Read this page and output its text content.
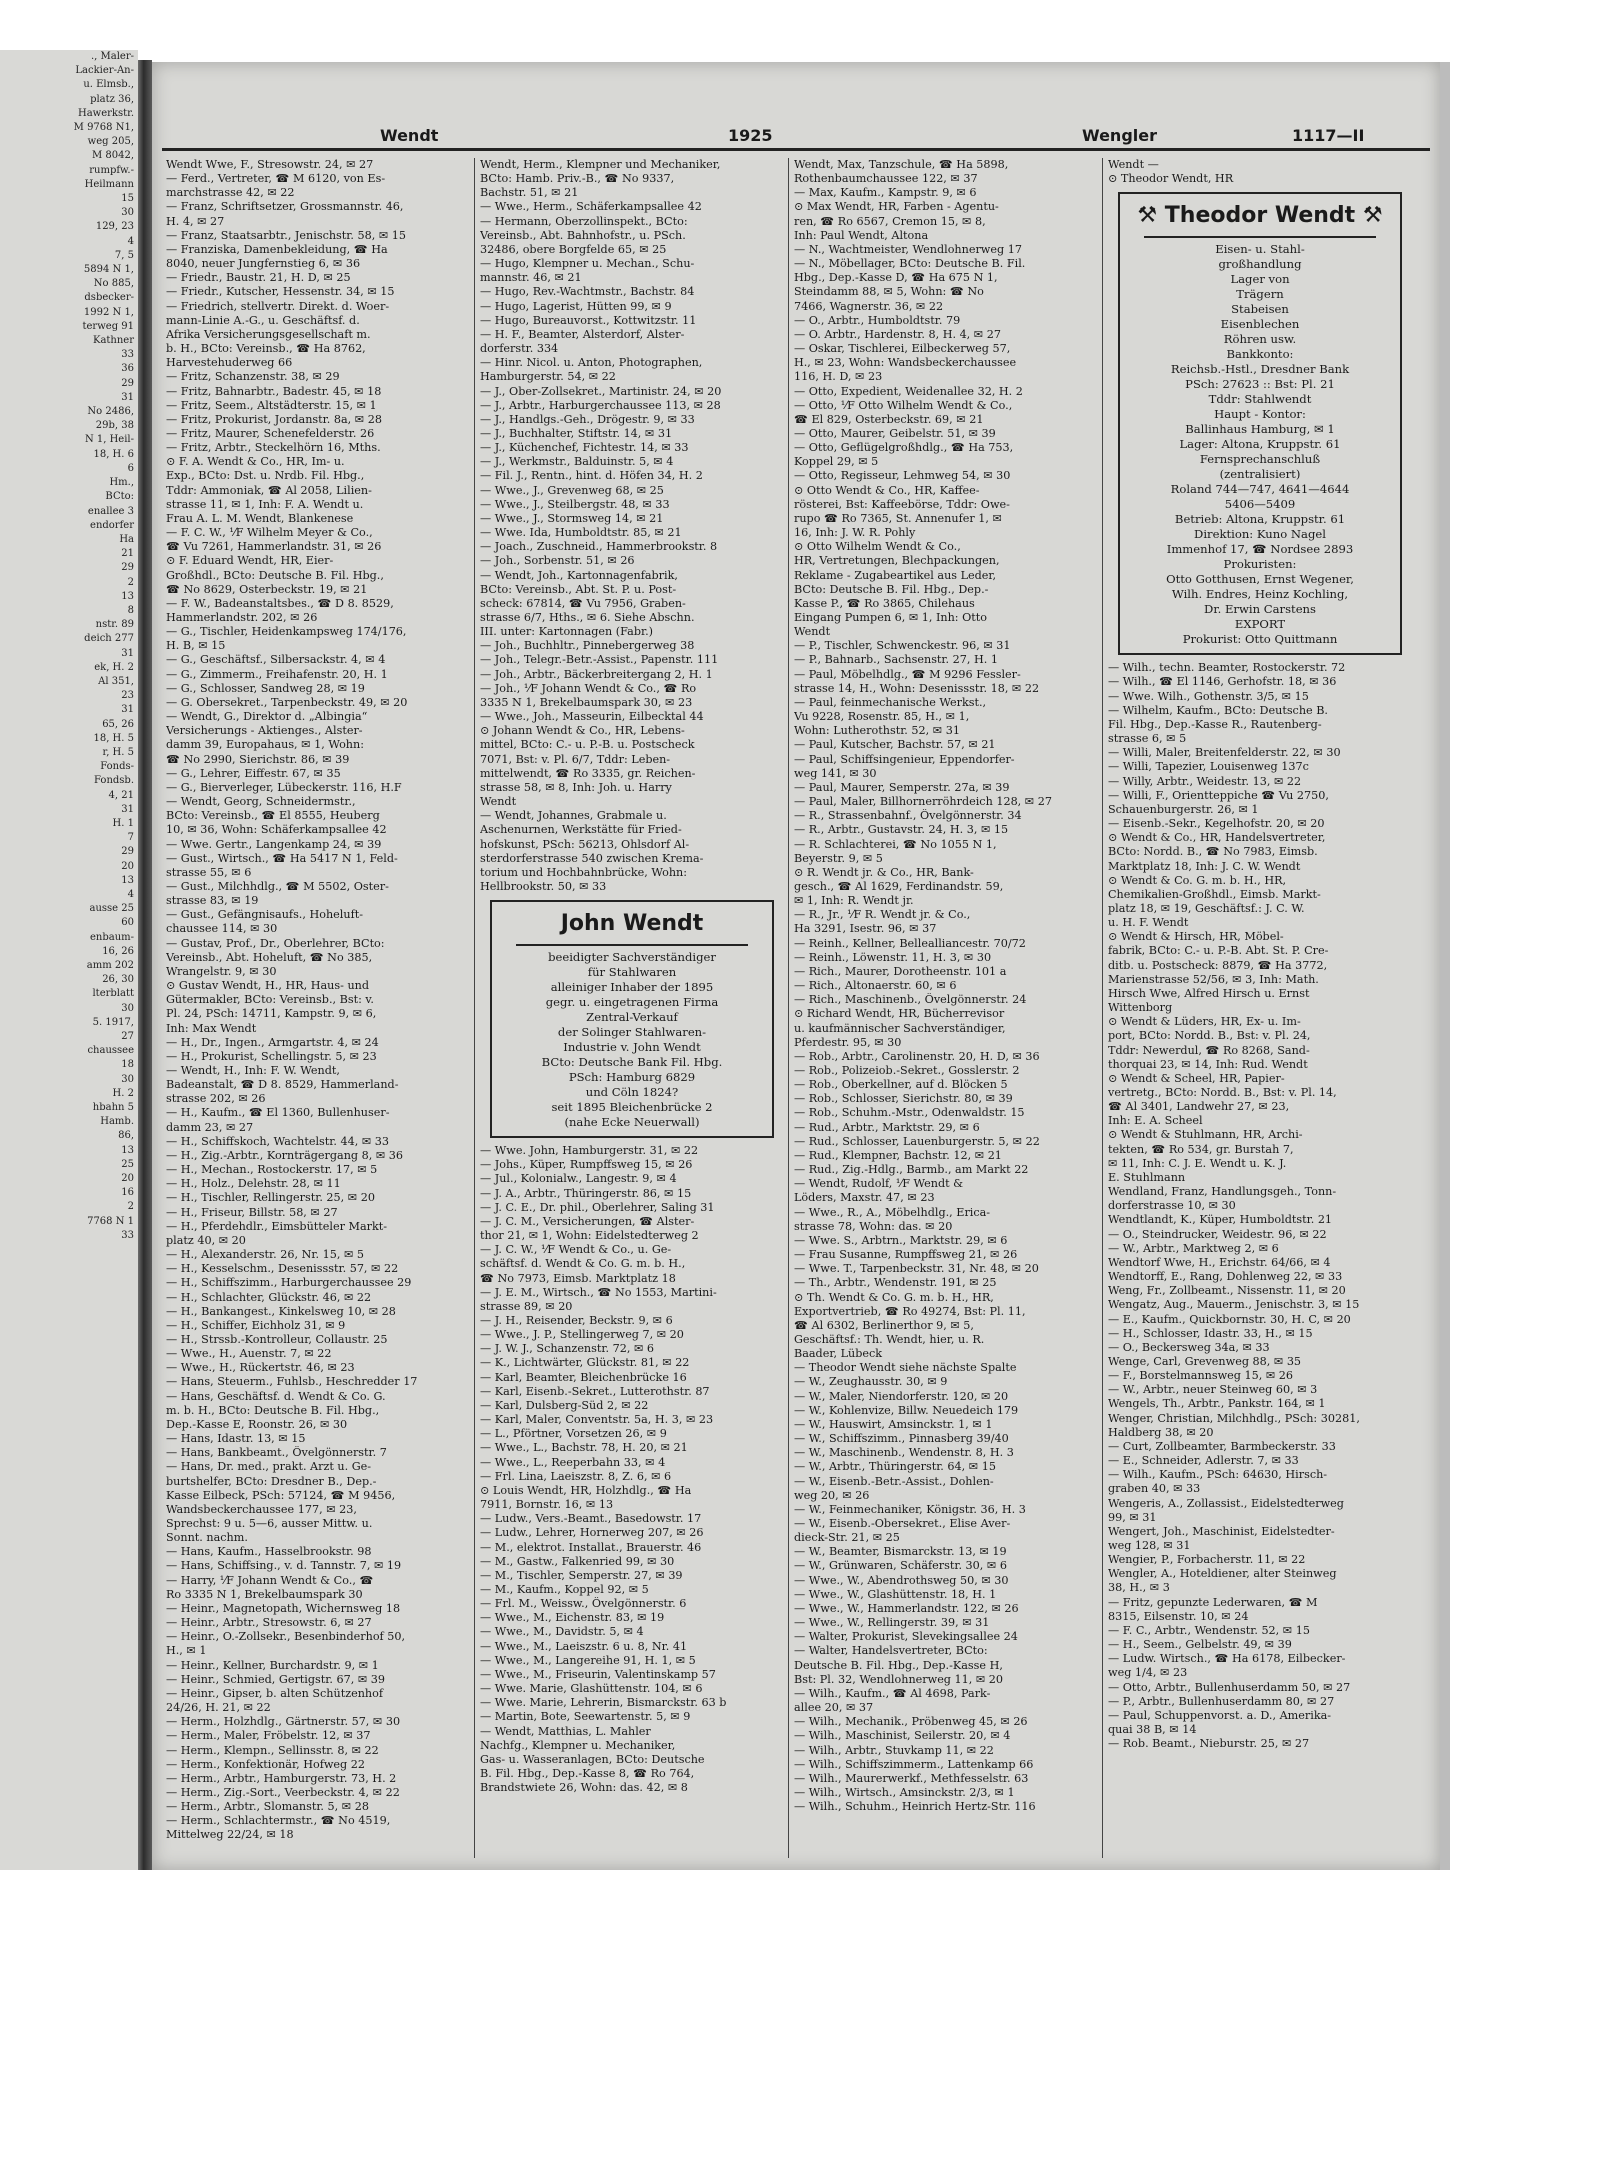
., Maler-
Lackier-An-
u. Elmsb.,
platz 36,
Hawerkstr.
M 9768 N1,
weg 205,
M 8042,
rumpfw.-
Heilmann
15
30
129, 23
4
7, 5
5894 N 1,
No 885,
dsbecker-
1992 N 1,
terweg 91
Kathner
33
36
29
31
No 2486,
29b, 38
N 1, Heil-
18, H. 6
6
Hm.,
BCto:
enallee 3
endorfer
Ha
21
29
2
13
8
nstr. 89
deich 277
31
ek, H. 2
Al 351,
23
31
65, 26
18, H. 5
r, H. 5
Fonds-
Fondsb.
4, 21
31
H. 1
7
29
20
13
4
ausse 25
60
enbaum-
16, 26
amm 202
26, 30
lterblatt
30
5. 1917,
27
chaussee
18
30
H. 2
hbahn 5
Hamb.
86,
13
25
20
16
2
7768 N 1
33
Wendt	1925	Wengler	1117—II
Wendt Wwe, F., Stresowstr. 24, ✉ 27
— Ferd., Vertreter, ☎ M 6120, von Es-
marchstrasse 42, ✉ 22
— Franz, Schriftsetzer, Grossmannstr. 46,
H. 4, ✉ 27
— Franz, Staatsarbtr., Jenischstr. 58, ✉ 15
— Franziska, Damenbekleidung, ☎ Ha
8040, neuer Jungfernstieg 6, ✉ 36
— Friedr., Baustr. 21, H. D, ✉ 25
— Friedr., Kutscher, Hessenstr. 34, ✉ 15
— Friedrich, stellvertr. Direkt. d. Woer-
mann-Linie A.-G., u. Geschäftsf. d.
Afrika Versicherungsgesellschaft m.
b. H., BCto: Vereinsb., ☎ Ha 8762,
Harvestehuderweg 66
— Fritz, Schanzenstr. 38, ✉ 29
— Fritz, Bahnarbtr., Badestr. 45, ✉ 18
— Fritz, Seem., Altstädterstr. 15, ✉ 1
— Fritz, Prokurist, Jordanstr. 8a, ✉ 28
— Fritz, Maurer, Schenefelderstr. 26
— Fritz, Arbtr., Steckelhörn 16, Mths.
⊙ F. A. Wendt & Co., HR, Im- u.
Exp., BCto: Dst. u. Nrdb. Fil. Hbg.,
Tddr: Ammoniak, ☎ Al 2058, Lilien-
strasse 11, ✉ 1, Inh: F. A. Wendt u.
Frau A. L. M. Wendt, Blankenese
— F. C. W., ⅟F Wilhelm Meyer & Co.,
☎ Vu 7261, Hammerlandstr. 31, ✉ 26
⊙ F. Eduard Wendt, HR, Eier-
Großhdl., BCto: Deutsche B. Fil. Hbg.,
☎ No 8629, Osterbeckstr. 19, ✉ 21
— F. W., Badeanstaltsbes., ☎ D 8. 8529,
Hammerlandstr. 202, ✉ 26
— G., Tischler, Heidenkampsweg 174/176,
H. B, ✉ 15
— G., Geschäftsf., Silbersackstr. 4, ✉ 4
— G., Zimmerm., Freihafenstr. 20, H. 1
— G., Schlosser, Sandweg 28, ✉ 19
— G. Obersekret., Tarpenbeckstr. 49, ✉ 20
— Wendt, G., Direktor d. „Albingia“
Versicherungs - Aktienges., Alster-
damm 39, Europahaus, ✉ 1, Wohn:
☎ No 2990, Sierichstr. 86, ✉ 39
— G., Lehrer, Eiffestr. 67, ✉ 35
— G., Bierverleger, Lübeckerstr. 116, H.F
— Wendt, Georg, Schneidermstr.,
BCto: Vereinsb., ☎ El 8555, Heuberg
10, ✉ 36, Wohn: Schäferkampsallee 42
— Wwe. Gertr., Langenkamp 24, ✉ 39
— Gust., Wirtsch., ☎ Ha 5417 N 1, Feld-
strasse 55, ✉ 6
— Gust., Milchhdlg., ☎ M 5502, Oster-
strasse 83, ✉ 19
— Gust., Gefängnisaufs., Hoheluft-
chaussee 114, ✉ 30
— Gustav, Prof., Dr., Oberlehrer, BCto:
Vereinsb., Abt. Hoheluft, ☎ No 385,
Wrangelstr. 9, ✉ 30
⊙ Gustav Wendt, H., HR, Haus- und
Gütermakler, BCto: Vereinsb., Bst: v.
Pl. 24, PSch: 14711, Kampstr. 9, ✉ 6,
Inh: Max Wendt
— H., Dr., Ingen., Armgartstr. 4, ✉ 24
— H., Prokurist, Schellingstr. 5, ✉ 23
— Wendt, H., Inh: F. W. Wendt,
Badeanstalt, ☎ D 8. 8529, Hammerland-
strasse 202, ✉ 26
— H., Kaufm., ☎ El 1360, Bullenhuser-
damm 23, ✉ 27
— H., Schiffskoch, Wachtelstr. 44, ✉ 33
— H., Zig.-Arbtr., Kornträgergang 8, ✉ 36
— H., Mechan., Rostockerstr. 17, ✉ 5
— H., Holz., Delehstr. 28, ✉ 11
— H., Tischler, Rellingerstr. 25, ✉ 20
— H., Friseur, Billstr. 58, ✉ 27
— H., Pferdehdlr., Eimsbütteler Markt-
platz 40, ✉ 20
— H., Alexanderstr. 26, Nr. 15, ✉ 5
— H., Kesselschm., Desenissstr. 57, ✉ 22
— H., Schiffszimm., Harburgerchaussee 29
— H., Schlachter, Glückstr. 46, ✉ 22
— H., Bankangest., Kinkelsweg 10, ✉ 28
— H., Schiffer, Eichholz 31, ✉ 9
— H., Strssb.-Kontrolleur, Collaustr. 25
— Wwe., H., Auenstr. 7, ✉ 22
— Wwe., H., Rückertstr. 46, ✉ 23
— Hans, Steuerm., Fuhlsb., Heschredder 17
— Hans, Geschäftsf. d. Wendt & Co. G.
m. b. H., BCto: Deutsche B. Fil. Hbg.,
Dep.-Kasse E, Roonstr. 26, ✉ 30
— Hans, Idastr. 13, ✉ 15
— Hans, Bankbeamt., Övelgönnerstr. 7
— Hans, Dr. med., prakt. Arzt u. Ge-
burtshelfer, BCto: Dresdner B., Dep.-
Kasse Eilbeck, PSch: 57124, ☎ M 9456,
Wandsbeckerchaussee 177, ✉ 23,
Sprechst: 9 u. 5—6, ausser Mittw. u.
Sonnt. nachm.
— Hans, Kaufm., Hasselbrookstr. 98
— Hans, Schiffsing., v. d. Tannstr. 7, ✉ 19
— Harry, ⅟F Johann Wendt & Co., ☎
Ro 3335 N 1, Brekelbaumspark 30
— Heinr., Magnetopath, Wichernsweg 18
— Heinr., Arbtr., Stresowstr. 6, ✉ 27
— Heinr., O.-Zollsekr., Besenbinderhof 50,
H., ✉ 1
— Heinr., Kellner, Burchardstr. 9, ✉ 1
— Heinr., Schmied, Gertigstr. 67, ✉ 39
— Heinr., Gipser, b. alten Schützenhof
24/26, H. 21, ✉ 22
— Herm., Holzhdlg., Gärtnerstr. 57, ✉ 30
— Herm., Maler, Fröbelstr. 12, ✉ 37
— Herm., Klempn., Sellinsstr. 8, ✉ 22
— Herm., Konfektionär, Hofweg 22
— Herm., Arbtr., Hamburgerstr. 73, H. 2
— Herm., Zig.-Sort., Veerbeckstr. 4, ✉ 22
— Herm., Arbtr., Slomanstr. 5, ✉ 28
— Herm., Schlachtermstr., ☎ No 4519,
Mittelweg 22/24, ✉ 18
Wendt, Herm., Klempner und Mechaniker,
BCto: Hamb. Priv.-B., ☎ No 9337,
Bachstr. 51, ✉ 21
— Wwe., Herm., Schäferkampsallee 42
— Hermann, Oberzollinspekt., BCto:
Vereinsb., Abt. Bahnhofstr., u. PSch.
32486, obere Borgfelde 65, ✉ 25
— Hugo, Klempner u. Mechan., Schu-
mannstr. 46, ✉ 21
— Hugo, Rev.-Wachtmstr., Bachstr. 84
— Hugo, Lagerist, Hütten 99, ✉ 9
— Hugo, Bureauvorst., Kottwitzstr. 11
— H. F., Beamter, Alsterdorf, Alster-
dorferstr. 334
— Hinr. Nicol. u. Anton, Photographen,
Hamburgerstr. 54, ✉ 22
— J., Ober-Zollsekret., Martinistr. 24, ✉ 20
— J., Arbtr., Harburgerchaussee 113, ✉ 28
— J., Handlgs.-Geh., Drögestr. 9, ✉ 33
— J., Buchhalter, Stiftstr. 14, ✉ 31
— J., Küchenchef, Fichtestr. 14, ✉ 33
— J., Werkmstr., Balduinstr. 5, ✉ 4
— Fil. J., Rentn., hint. d. Höfen 34, H. 2
— Wwe., J., Grevenweg 68, ✉ 25
— Wwe., J., Steilbergstr. 48, ✉ 33
— Wwe., J., Stormsweg 14, ✉ 21
— Wwe. Ida, Humboldtstr. 85, ✉ 21
— Joach., Zuschneid., Hammerbrookstr. 8
— Joh., Sorbenstr. 51, ✉ 26
— Wendt, Joh., Kartonnagenfabrik,
BCto: Vereinsb., Abt. St. P. u. Post-
scheck: 67814, ☎ Vu 7956, Graben-
strasse 6/7, Hths., ✉ 6. Siehe Abschn.
III. unter: Kartonnagen (Fabr.)
— Joh., Buchhltr., Pinnebergerweg 38
— Joh., Telegr.-Betr.-Assist., Papenstr. 111
— Joh., Arbtr., Bäckerbreitergang 2, H. 1
— Joh., ⅟F Johann Wendt & Co., ☎ Ro
3335 N 1, Brekelbaumspark 30, ✉ 23
— Wwe., Joh., Masseurin, Eilbecktal 44
⊙ Johann Wendt & Co., HR, Lebens-
mittel, BCto: C.- u. P.-B. u. Postscheck
7071, Bst: v. Pl. 6/7, Tddr: Leben-
mittelwendt, ☎ Ro 3335, gr. Reichen-
strasse 58, ✉ 8, Inh: Joh. u. Harry
Wendt
— Wendt, Johannes, Grabmale u.
Aschenurnen, Werkstätte für Fried-
hofskunst, PSch: 56213, Ohlsdorf Al-
sterdorferstrasse 540 zwischen Krema-
torium und Hochbahnbrücke, Wohn:
Hellbrookstr. 50, ✉ 33
John Wendt
beeidigter Sachverständiger
für Stahlwaren
alleiniger Inhaber der 1895
gegr. u. eingetragenen Firma
Zentral-Verkauf
der Solinger Stahlwaren-
Industrie v. John Wendt
BCto: Deutsche Bank Fil. Hbg.
PSch: Hamburg 6829
und Cöln 1824?
seit 1895 Bleichenbrücke 2
(nahe Ecke Neuerwall)
— Wwe. John, Hamburgerstr. 31, ✉ 22
— Johs., Küper, Rumpffsweg 15, ✉ 26
— Jul., Kolonialw., Langestr. 9, ✉ 4
— J. A., Arbtr., Thüringerstr. 86, ✉ 15
— J. C. E., Dr. phil., Oberlehrer, Saling 31
— J. C. M., Versicherungen, ☎ Alster-
thor 21, ✉ 1, Wohn: Eidelstedterweg 2
— J. C. W., ⅟F Wendt & Co., u. Ge-
schäftsf. d. Wendt & Co. G. m. b. H.,
☎ No 7973, Eimsb. Marktplatz 18
— J. E. M., Wirtsch., ☎ No 1553, Martini-
strasse 89, ✉ 20
— J. H., Reisender, Beckstr. 9, ✉ 6
— Wwe., J. P., Stellingerweg 7, ✉ 20
— J. W. J., Schanzenstr. 72, ✉ 6
— K., Lichtwärter, Glückstr. 81, ✉ 22
— Karl, Beamter, Bleichenbrücke 16
— Karl, Eisenb.-Sekret., Lutterothstr. 87
— Karl, Dulsberg-Süd 2, ✉ 22
— Karl, Maler, Conventstr. 5a, H. 3, ✉ 23
— L., Pförtner, Vorsetzen 26, ✉ 9
— Wwe., L., Bachstr. 78, H. 20, ✉ 21
— Wwe., L., Reeperbahn 33, ✉ 4
— Frl. Lina, Laeiszstr. 8, Z. 6, ✉ 6
⊙ Louis Wendt, HR, Holzhdlg., ☎ Ha
7911, Bornstr. 16, ✉ 13
— Ludw., Vers.-Beamt., Basedowstr. 17
— Ludw., Lehrer, Hornerweg 207, ✉ 26
— M., elektrot. Installat., Brauerstr. 46
— M., Gastw., Falkenried 99, ✉ 30
— M., Tischler, Semperstr. 27, ✉ 39
— M., Kaufm., Koppel 92, ✉ 5
— Frl. M., Weissw., Övelgönnerstr. 6
— Wwe., M., Eichenstr. 83, ✉ 19
— Wwe., M., Davidstr. 5, ✉ 4
— Wwe., M., Laeiszstr. 6 u. 8, Nr. 41
— Wwe., M., Langereihe 91, H. 1, ✉ 5
— Wwe., M., Friseurin, Valentinskamp 57
— Wwe. Marie, Glashüttenstr. 104, ✉ 6
— Wwe. Marie, Lehrerin, Bismarckstr. 63 b
— Martin, Bote, Seewartenstr. 5, ✉ 9
— Wendt, Matthias, L. Mahler
Nachfg., Klempner u. Mechaniker,
Gas- u. Wasseranlagen, BCto: Deutsche
B. Fil. Hbg., Dep.-Kasse 8, ☎ Ro 764,
Brandstwiete 26, Wohn: das. 42, ✉ 8
Wendt, Max, Tanzschule, ☎ Ha 5898,
Rothenbaumchaussee 122, ✉ 37
— Max, Kaufm., Kampstr. 9, ✉ 6
⊙ Max Wendt, HR, Farben - Agentu-
ren, ☎ Ro 6567, Cremon 15, ✉ 8,
Inh: Paul Wendt, Altona
— N., Wachtmeister, Wendlohnerweg 17
— N., Möbellager, BCto: Deutsche B. Fil.
Hbg., Dep.-Kasse D, ☎ Ha 675 N 1,
Steindamm 88, ✉ 5, Wohn: ☎ No
7466, Wagnerstr. 36, ✉ 22
— O., Arbtr., Humboldtstr. 79
— O. Arbtr., Hardenstr. 8, H. 4, ✉ 27
— Oskar, Tischlerei, Eilbeckerweg 57,
H., ✉ 23, Wohn: Wandsbeckerchaussee
116, H. D, ✉ 23
— Otto, Expedient, Weidenallee 32, H. 2
— Otto, ⅟F Otto Wilhelm Wendt & Co.,
☎ El 829, Osterbeckstr. 69, ✉ 21
— Otto, Maurer, Geibelstr. 51, ✉ 39
— Otto, Geflügelgroßhdlg., ☎ Ha 753,
Koppel 29, ✉ 5
— Otto, Regisseur, Lehmweg 54, ✉ 30
⊙ Otto Wendt & Co., HR, Kaffee-
rösterei, Bst: Kaffeebörse, Tddr: Owe-
rupo ☎ Ro 7365, St. Annenufer 1, ✉
16, Inh: J. W. R. Pohly
⊙ Otto Wilhelm Wendt & Co.,
HR, Vertretungen, Blechpackungen,
Reklame - Zugabeartikel aus Leder,
BCto: Deutsche B. Fil. Hbg., Dep.-
Kasse P., ☎ Ro 3865, Chilehaus
Eingang Pumpen 6, ✉ 1, Inh: Otto
Wendt
— P., Tischler, Schwenckestr. 96, ✉ 31
— P., Bahnarb., Sachsenstr. 27, H. 1
— Paul, Möbelhdlg., ☎ M 9296 Fessler-
strasse 14, H., Wohn: Desenissstr. 18, ✉ 22
— Paul, feinmechanische Werkst.,
Vu 9228, Rosenstr. 85, H., ✉ 1,
Wohn: Lutherothstr. 52, ✉ 31
— Paul, Kutscher, Bachstr. 57, ✉ 21
— Paul, Schiffsingenieur, Eppendorfer-
weg 141, ✉ 30
— Paul, Maurer, Semperstr. 27a, ✉ 39
— Paul, Maler, Billhornerröhrdeich 128, ✉ 27
— R., Strassenbahnf., Övelgönnerstr. 34
— R., Arbtr., Gustavstr. 24, H. 3, ✉ 15
— R. Schlachterei, ☎ No 1055 N 1,
Beyerstr. 9, ✉ 5
⊙ R. Wendt jr. & Co., HR, Bank-
gesch., ☎ Al 1629, Ferdinandstr. 59,
✉ 1, Inh: R. Wendt jr.
— R., Jr., ⅟F R. Wendt jr. & Co.,
Ha 3291, Isestr. 96, ✉ 37
— Reinh., Kellner, Bellealliancestr. 70/72
— Reinh., Löwenstr. 11, H. 3, ✉ 30
— Rich., Maurer, Dorotheenstr. 101 a
— Rich., Altonaerstr. 60, ✉ 6
— Rich., Maschinenb., Övelgönnerstr. 24
⊙ Richard Wendt, HR, Bücherrevisor
u. kaufmännischer Sachverständiger,
Pferdestr. 95, ✉ 30
— Rob., Arbtr., Carolinenstr. 20, H. D, ✉ 36
— Rob., Polizeiob.-Sekret., Gosslerstr. 2
— Rob., Oberkellner, auf d. Blöcken 5
— Rob., Schlosser, Sierichstr. 80, ✉ 39
— Rob., Schuhm.-Mstr., Odenwaldstr. 15
— Rud., Arbtr., Marktstr. 29, ✉ 6
— Rud., Schlosser, Lauenburgerstr. 5, ✉ 22
— Rud., Klempner, Bachstr. 12, ✉ 21
— Rud., Zig.-Hdlg., Barmb., am Markt 22
— Wendt, Rudolf, ⅟F Wendt &
Löders, Maxstr. 47, ✉ 23
— Wwe., R., A., Möbelhdlg., Erica-
strasse 78, Wohn: das. ✉ 20
— Wwe. S., Arbtrn., Marktstr. 29, ✉ 6
— Frau Susanne, Rumpffsweg 21, ✉ 26
— Wwe. T., Tarpenbeckstr. 31, Nr. 48, ✉ 20
— Th., Arbtr., Wendenstr. 191, ✉ 25
⊙ Th. Wendt & Co. G. m. b. H., HR,
Exportvertrieb, ☎ Ro 49274, Bst: Pl. 11,
☎ Al 6302, Berlinerthor 9, ✉ 5,
Geschäftsf.: Th. Wendt, hier, u. R.
Baader, Lübeck
— Theodor Wendt siehe nächste Spalte
— W., Zeughausstr. 30, ✉ 9
— W., Maler, Niendorferstr. 120, ✉ 20
— W., Kohlenvize, Billw. Neuedeich 179
— W., Hauswirt, Amsinckstr. 1, ✉ 1
— W., Schiffszimm., Pinnasberg 39/40
— W., Maschinenb., Wendenstr. 8, H. 3
— W., Arbtr., Thüringerstr. 64, ✉ 15
— W., Eisenb.-Betr.-Assist., Dohlen-
weg 20, ✉ 26
— W., Feinmechaniker, Königstr. 36, H. 3
— W., Eisenb.-Obersekret., Elise Aver-
dieck-Str. 21, ✉ 25
— W., Beamter, Bismarckstr. 13, ✉ 19
— W., Grünwaren, Schäferstr. 30, ✉ 6
— Wwe., W., Abendrothsweg 50, ✉ 30
— Wwe., W., Glashüttenstr. 18, H. 1
— Wwe., W., Hammerlandstr. 122, ✉ 26
— Wwe., W., Rellingerstr. 39, ✉ 31
— Walter, Prokurist, Slevekingsallee 24
— Walter, Handelsvertreter, BCto:
Deutsche B. Fil. Hbg., Dep.-Kasse H,
Bst: Pl. 32, Wendlohnerweg 11, ✉ 20
— Wilh., Kaufm., ☎ Al 4698, Park-
allee 20, ✉ 37
— Wilh., Mechanik., Pröbenweg 45, ✉ 26
— Wilh., Maschinist, Seilerstr. 20, ✉ 4
— Wilh., Arbtr., Stuvkamp 11, ✉ 22
— Wilh., Schiffszimmerm., Lattenkamp 66
— Wilh., Maurerwerkf., Methfesselstr. 63
— Wilh., Wirtsch., Amsinckstr. 2/3, ✉ 1
— Wilh., Schuhm., Heinrich Hertz-Str. 116
Wendt —
⊙ Theodor Wendt, HR
⚒ Theodor Wendt ⚒
Eisen- u. Stahl-
großhandlung
Lager von
Trägern
Stabeisen
Eisenblechen
Röhren usw.
Bankkonto:
Reichsb.-Hstl., Dresdner Bank
PSch: 27623 :: Bst: Pl. 21
Tddr: Stahlwendt
Haupt - Kontor:
Ballinhaus Hamburg, ✉ 1
Lager: Altona, Kruppstr. 61
Fernsprechanschluß
(zentralisiert)
Roland 744—747, 4641—4644
5406—5409
Betrieb: Altona, Kruppstr. 61
Direktion: Kuno Nagel
Immenhof 17, ☎ Nordsee 2893
Prokuristen:
Otto Gotthusen, Ernst Wegener,
Wilh. Endres, Heinz Kochling,
Dr. Erwin Carstens
EXPORT
Prokurist: Otto Quittmann
— Wilh., techn. Beamter, Rostockerstr. 72
— Wilh., ☎ El 1146, Gerhofstr. 18, ✉ 36
— Wwe. Wilh., Gothenstr. 3/5, ✉ 15
— Wilhelm, Kaufm., BCto: Deutsche B.
Fil. Hbg., Dep.-Kasse R., Rautenberg-
strasse 6, ✉ 5
— Willi, Maler, Breitenfelderstr. 22, ✉ 30
— Willi, Tapezier, Louisenweg 137c
— Willy, Arbtr., Weidestr. 13, ✉ 22
— Willi, F., Orientteppiche ☎ Vu 2750,
Schauenburgerstr. 26, ✉ 1
— Eisenb.-Sekr., Kegelhofstr. 20, ✉ 20
⊙ Wendt & Co., HR, Handelsvertreter,
BCto: Nordd. B., ☎ No 7983, Eimsb.
Marktplatz 18, Inh: J. C. W. Wendt
⊙ Wendt & Co. G. m. b. H., HR,
Chemikalien-Großhdl., Eimsb. Markt-
platz 18, ✉ 19, Geschäftsf.: J. C. W.
u. H. F. Wendt
⊙ Wendt & Hirsch, HR, Möbel-
fabrik, BCto: C.- u. P.-B. Abt. St. P. Cre-
ditb. u. Postscheck: 8879, ☎ Ha 3772,
Marienstrasse 52/56, ✉ 3, Inh: Math.
Hirsch Wwe, Alfred Hirsch u. Ernst
Wittenborg
⊙ Wendt & Lüders, HR, Ex- u. Im-
port, BCto: Nordd. B., Bst: v. Pl. 24,
Tddr: Newerdul, ☎ Ro 8268, Sand-
thorquai 23, ✉ 14, Inh: Rud. Wendt
⊙ Wendt & Scheel, HR, Papier-
vertretg., BCto: Nordd. B., Bst: v. Pl. 14,
☎ Al 3401, Landwehr 27, ✉ 23,
Inh: E. A. Scheel
⊙ Wendt & Stuhlmann, HR, Archi-
tekten, ☎ Ro 534, gr. Burstah 7,
✉ 11, Inh: C. J. E. Wendt u. K. J.
E. Stuhlmann
Wendland, Franz, Handlungsgeh., Tonn-
dorferstrasse 10, ✉ 30
Wendtlandt, K., Küper, Humboldtstr. 21
— O., Steindrucker, Weidestr. 96, ✉ 22
— W., Arbtr., Marktweg 2, ✉ 6
Wendtorf Wwe, H., Erichstr. 64/66, ✉ 4
Wendtorff, E., Rang, Dohlenweg 22, ✉ 33
Weng, Fr., Zollbeamt., Nissenstr. 11, ✉ 20
Wengatz, Aug., Mauerm., Jenischstr. 3, ✉ 15
— E., Kaufm., Quickbornstr. 30, H. C, ✉ 20
— H., Schlosser, Idastr. 33, H., ✉ 15
— O., Beckersweg 34a, ✉ 33
Wenge, Carl, Grevenweg 88, ✉ 35
— F., Borstelmannsweg 15, ✉ 26
— W., Arbtr., neuer Steinweg 60, ✉ 3
Wengels, Th., Arbtr., Pankstr. 164, ✉ 1
Wenger, Christian, Milchhdlg., PSch: 30281,
Haldberg 38, ✉ 20
— Curt, Zollbeamter, Barmbeckerstr. 33
— E., Schneider, Adlerstr. 7, ✉ 33
— Wilh., Kaufm., PSch: 64630, Hirsch-
graben 40, ✉ 33
Wengeris, A., Zollassist., Eidelstedterweg
99, ✉ 31
Wengert, Joh., Maschinist, Eidelstedter-
weg 128, ✉ 31
Wengier, P., Forbacherstr. 11, ✉ 22
Wengler, A., Hoteldiener, alter Steinweg
38, H., ✉ 3
— Fritz, gepunzte Lederwaren, ☎ M
8315, Eilsenstr. 10, ✉ 24
— F. C., Arbtr., Wendenstr. 52, ✉ 15
— H., Seem., Gelbelstr. 49, ✉ 39
— Ludw. Wirtsch., ☎ Ha 6178, Eilbecker-
weg 1/4, ✉ 23
— Otto, Arbtr., Bullenhuserdamm 50, ✉ 27
— P., Arbtr., Bullenhuserdamm 80, ✉ 27
— Paul, Schuppenvorst. a. D., Amerika-
quai 38 B, ✉ 14
— Rob. Beamt., Nieburstr. 25, ✉ 27
